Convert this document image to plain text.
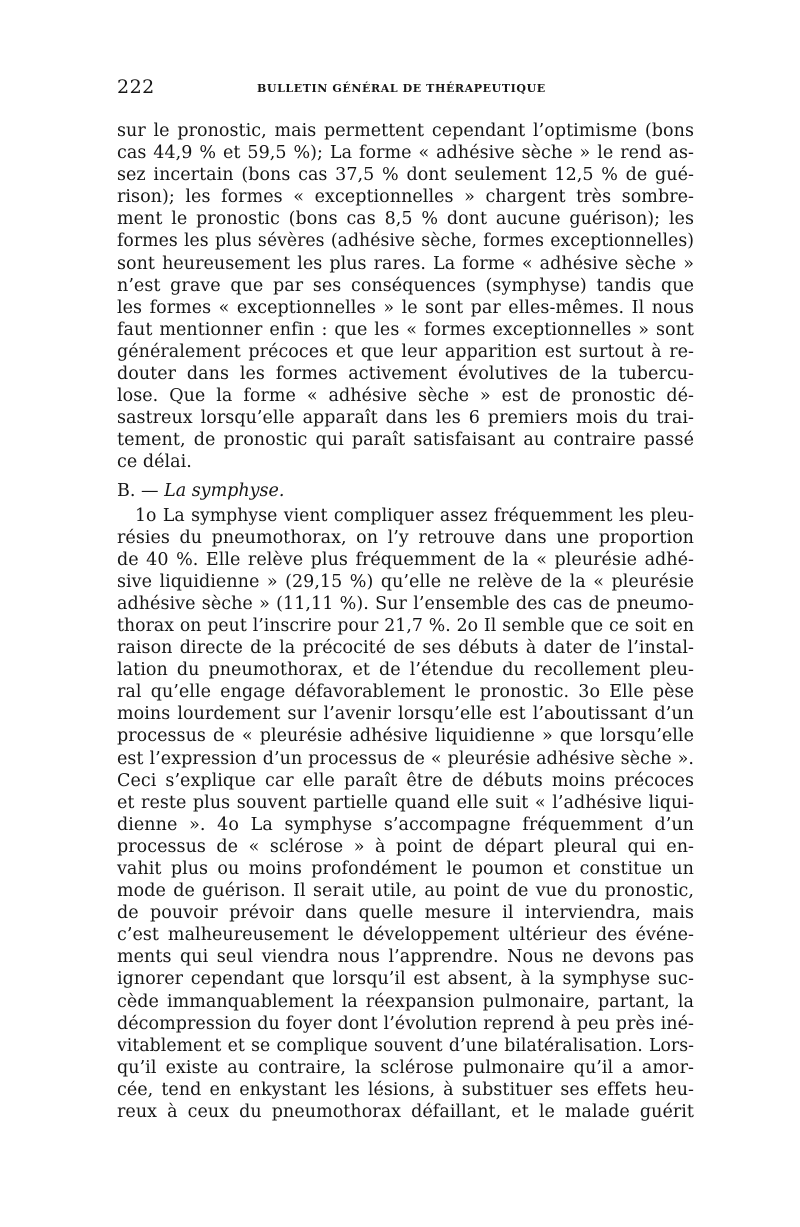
222	BULLETIN GÉNÉRAL DE THÉRAPEUTIQUE
sur le pronostic, mais permettent cependant l’optimisme (bons
cas 44,9 % et 59,5 %); La forme « adhésive sèche » le rend as-
sez incertain (bons cas 37,5 % dont seulement 12,5 % de gué-
rison); les formes « exceptionnelles » chargent très sombre-
ment le pronostic (bons cas 8,5 % dont aucune guérison); les
formes les plus sévères (adhésive sèche, formes exceptionnelles)
sont heureusement les plus rares. La forme « adhésive sèche »
n’est grave que par ses conséquences (symphyse) tandis que
les formes « exceptionnelles » le sont par elles-mêmes. Il nous
faut mentionner enfin : que les « formes exceptionnelles » sont
généralement précoces et que leur apparition est surtout à re-
douter dans les formes activement évolutives de la tubercu-
lose. Que la forme « adhésive sèche » est de pronostic dé-
sastreux lorsqu’elle apparaît dans les 6 premiers mois du trai-
tement, de pronostic qui paraît satisfaisant au contraire passé
ce délai.
B. — La symphyse.
1o La symphyse vient compliquer assez fréquemment les pleu-
résies du pneumothorax, on l’y retrouve dans une proportion
de 40 %. Elle relève plus fréquemment de la « pleurésie adhé-
sive liquidienne » (29,15 %) qu’elle ne relève de la « pleurésie
adhésive sèche » (11,11 %). Sur l’ensemble des cas de pneumo-
thorax on peut l’inscrire pour 21,7 %. 2o Il semble que ce soit en
raison directe de la précocité de ses débuts à dater de l’instal-
lation du pneumothorax, et de l’étendue du recollement pleu-
ral qu’elle engage défavorablement le pronostic. 3o Elle pèse
moins lourdement sur l’avenir lorsqu’elle est l’aboutissant d’un
processus de « pleurésie adhésive liquidienne » que lorsqu’elle
est l’expression d’un processus de « pleurésie adhésive sèche ».
Ceci s’explique car elle paraît être de débuts moins précoces
et reste plus souvent partielle quand elle suit « l’adhésive liqui-
dienne ». 4o La symphyse s’accompagne fréquemment d’un
processus de « sclérose » à point de départ pleural qui en-
vahit plus ou moins profondément le poumon et constitue un
mode de guérison. Il serait utile, au point de vue du pronostic,
de pouvoir prévoir dans quelle mesure il interviendra, mais
c’est malheureusement le développement ultérieur des événe-
ments qui seul viendra nous l’apprendre. Nous ne devons pas
ignorer cependant que lorsqu’il est absent, à la symphyse suc-
cède immanquablement la réexpansion pulmonaire, partant, la
décompression du foyer dont l’évolution reprend à peu près iné-
vitablement et se complique souvent d’une bilatéralisation. Lors-
qu’il existe au contraire, la sclérose pulmonaire qu’il a amor-
cée, tend en enkystant les lésions, à substituer ses effets heu-
reux à ceux du pneumothorax défaillant, et le malade guérit
